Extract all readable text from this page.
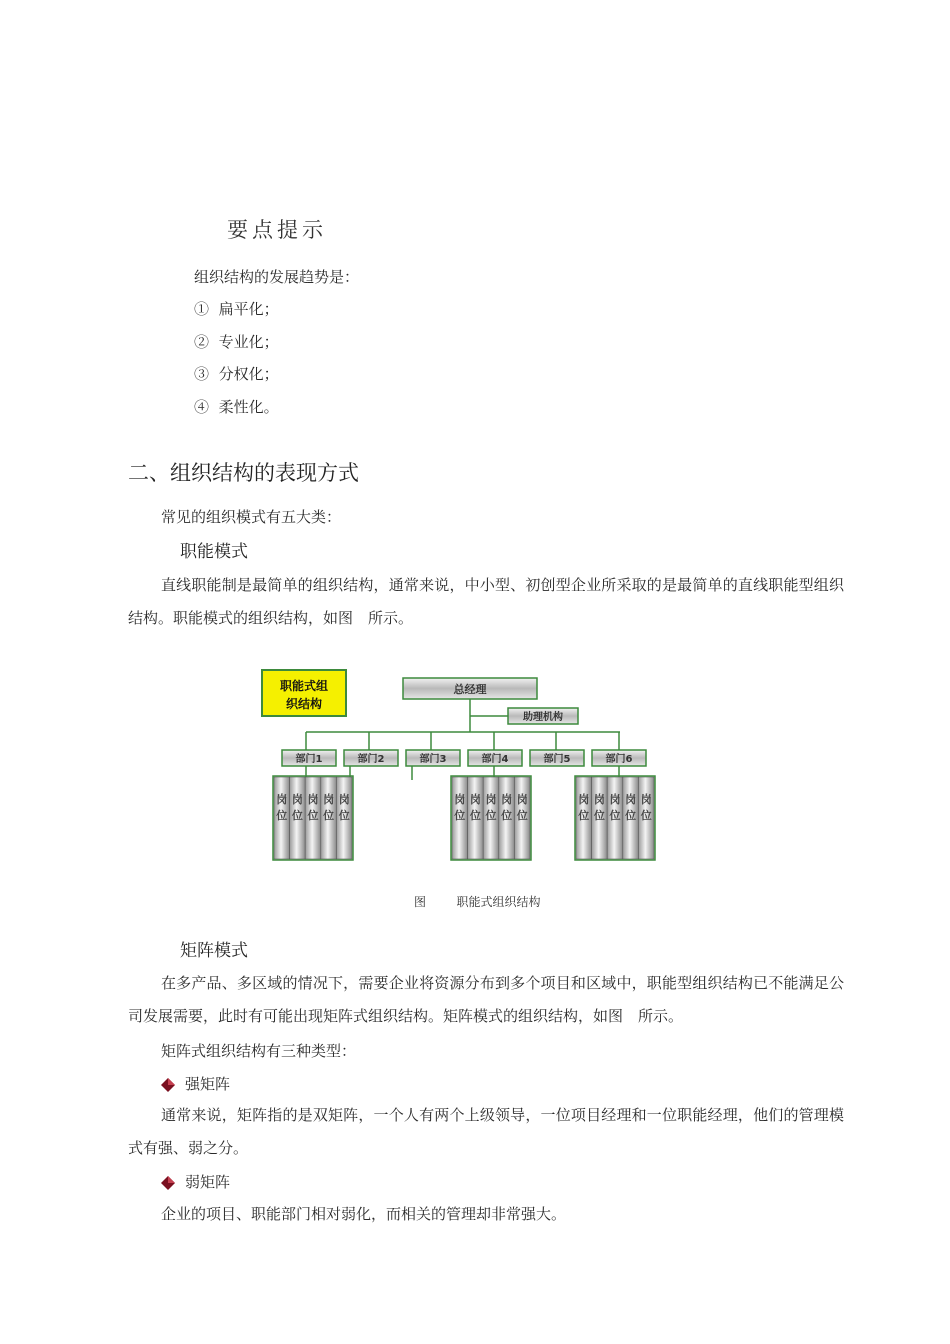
要点提示
组织结构的发展趋势是：
① 扁平化；
② 专业化；
③ 分权化；
④ 柔性化。
二、组织结构的表现方式
常见的组织模式有五大类：
职能模式
直线职能制是最简单的组织结构，通常来说，中小型、初创型企业所采取的是最简单的直线职能型组织结构。职能模式的组织结构，如图　所示。
职能式组
织结构
总经理
助理机构
部门1	部门2	部门3	部门4	部门5	部门6
岗
位
岗
位
岗
位
岗
位
岗
位
岗
位
岗
位
岗
位
岗
位
岗
位
岗
位
岗
位
岗
位
岗
位
岗
位
图	职能式组织结构
矩阵模式
在多产品、多区域的情况下，需要企业将资源分布到多个项目和区域中，职能型组织结构已不能满足公司发展需要，此时有可能出现矩阵式组织结构。矩阵模式的组织结构，如图　所示。
矩阵式组织结构有三种类型：
强矩阵
通常来说，矩阵指的是双矩阵，一个人有两个上级领导，一位项目经理和一位职能经理，他们的管理模式有强、弱之分。
弱矩阵
企业的项目、职能部门相对弱化，而相关的管理却非常强大。
